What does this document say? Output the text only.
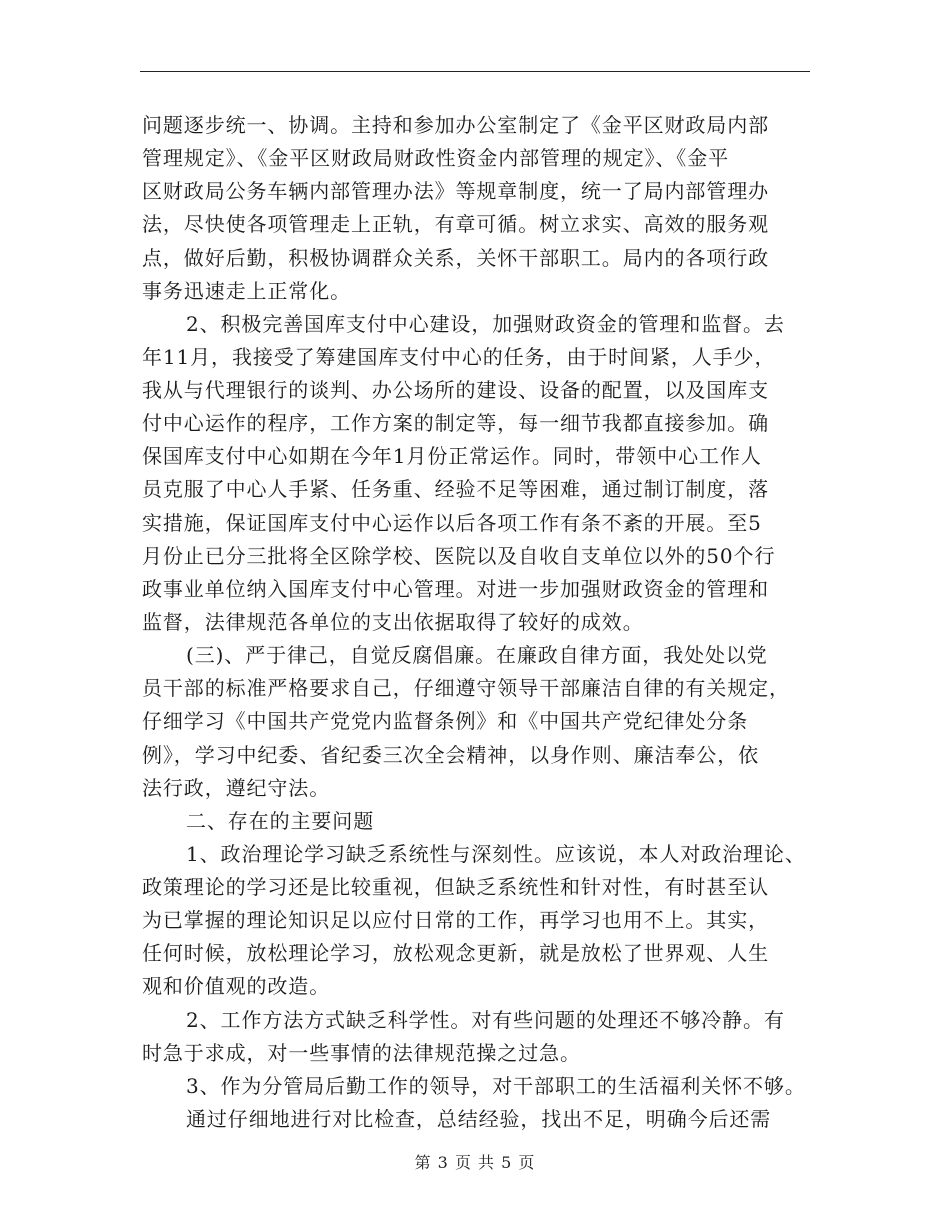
问题逐步统一、协调。主持和参加办公室制定了《金平区财政局内部
管理规定》、《金平区财政局财政性资金内部管理的规定》、《金平
区财政局公务车辆内部管理办法》等规章制度，统一了局内部管理办
法，尽快使各项管理走上正轨，有章可循。树立求实、高效的服务观
点，做好后勤，积极协调群众关系，关怀干部职工。局内的各项行政
事务迅速走上正常化。
2、积极完善国库支付中心建设，加强财政资金的管理和监督。去
年11月，我接受了筹建国库支付中心的任务，由于时间紧，人手少，
我从与代理银行的谈判、办公场所的建设、设备的配置，以及国库支
付中心运作的程序，工作方案的制定等，每一细节我都直接参加。确
保国库支付中心如期在今年1月份正常运作。同时，带领中心工作人
员克服了中心人手紧、任务重、经验不足等困难，通过制订制度，落
实措施，保证国库支付中心运作以后各项工作有条不紊的开展。至5
月份止已分三批将全区除学校、医院以及自收自支单位以外的50个行
政事业单位纳入国库支付中心管理。对进一步加强财政资金的管理和
监督，法律规范各单位的支出依据取得了较好的成效。
(三)、严于律己，自觉反腐倡廉。在廉政自律方面，我处处以党
员干部的标准严格要求自己，仔细遵守领导干部廉洁自律的有关规定，
仔细学习《中国共产党党内监督条例》和《中国共产党纪律处分条
例》，学习中纪委、省纪委三次全会精神，以身作则、廉洁奉公，依
法行政，遵纪守法。
二、存在的主要问题
1、政治理论学习缺乏系统性与深刻性。应该说，本人对政治理论、
政策理论的学习还是比较重视，但缺乏系统性和针对性，有时甚至认
为已掌握的理论知识足以应付日常的工作，再学习也用不上。其实，
任何时候，放松理论学习，放松观念更新，就是放松了世界观、人生
观和价值观的改造。
2、工作方法方式缺乏科学性。对有些问题的处理还不够冷静。有
时急于求成，对一些事情的法律规范操之过急。
3、作为分管局后勤工作的领导，对干部职工的生活福利关怀不够。
通过仔细地进行对比检查，总结经验，找出不足，明确今后还需
第 3 页 共 5 页
